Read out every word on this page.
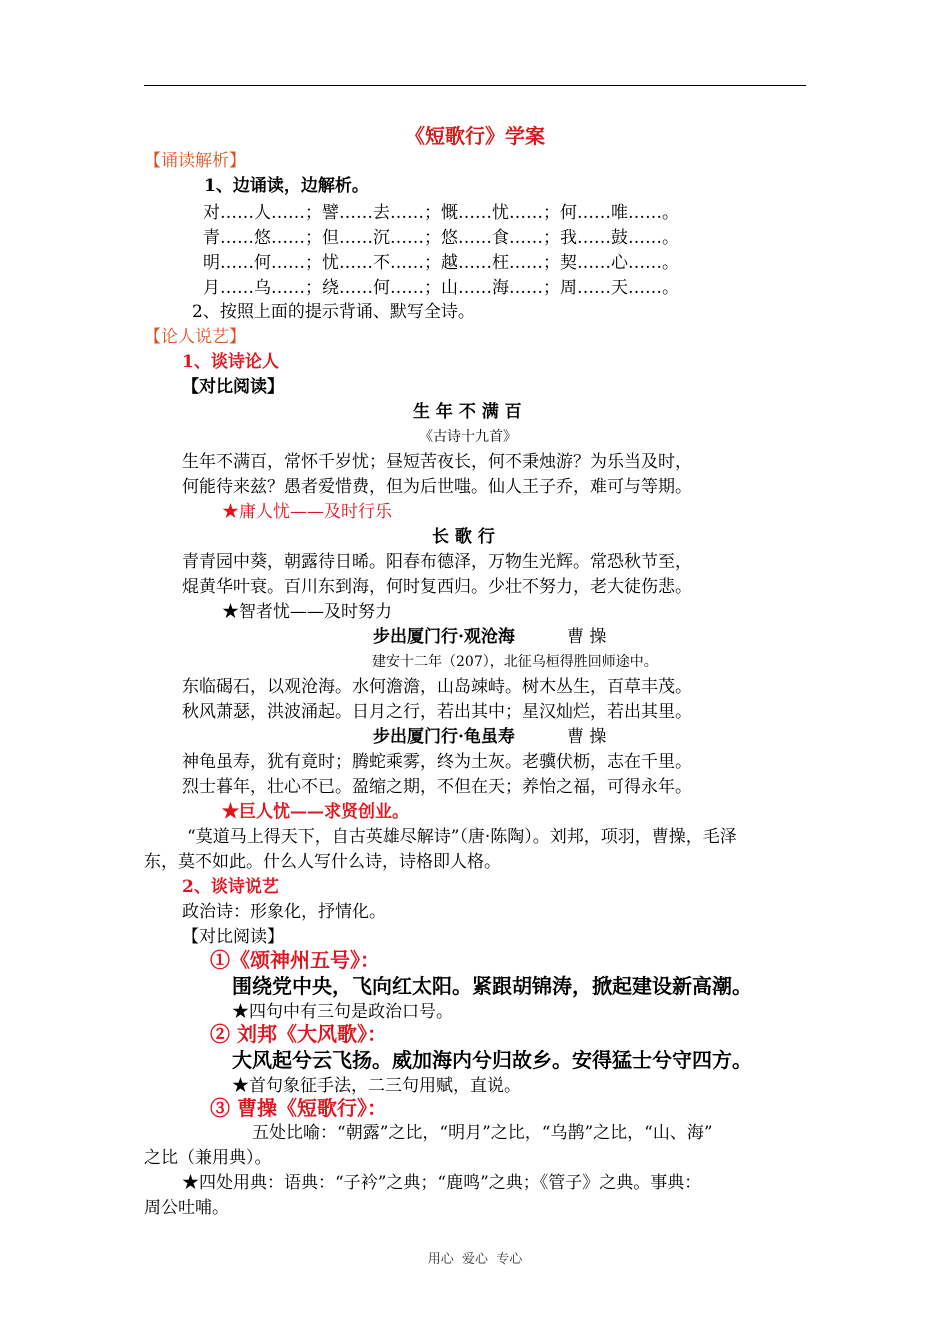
《短歌行》学案
【诵读解析】
1、边诵读，边解析。
对……人……；譬……去……；慨……忧……；何……唯……。
青……悠……；但……沉……；悠……食……；我……鼓……。
明……何……；忧……不……；越……枉……；契……心……。
月……乌……；绕……何……；山……海……；周……天……。
2、按照上面的提示背诵、默写全诗。
【论人说艺】
1、谈诗论人
【对比阅读】
生 年 不 满 百
《古诗十九首》
生年不满百，常怀千岁忧；昼短苦夜长，何不秉烛游？为乐当及时，
何能待来兹？愚者爱惜费，但为后世嗤。仙人王子乔，难可与等期。
★庸人忧——及时行乐
长 歌 行
青青园中葵，朝露待日晞。阳春布德泽，万物生光辉。常恐秋节至，
焜黄华叶衰。百川东到海，何时复西归。少壮不努力，老大徒伤悲。
★智者忧——及时努力
步出厦门行·观沧海	曹 操
建安十二年（207），北征乌桓得胜回师途中。
东临碣石，以观沧海。水何澹澹，山岛竦峙。树木丛生，百草丰茂。
秋风萧瑟，洪波涌起。日月之行，若出其中；星汉灿烂，若出其里。
步出厦门行·龟虽寿	曹 操
神龟虽寿，犹有竟时；腾蛇乘雾，终为土灰。老骥伏枥，志在千里。
烈士暮年，壮心不已。盈缩之期，不但在天；养怡之福，可得永年。
★巨人忧——求贤创业。
“莫道马上得天下，自古英雄尽解诗”（唐·陈陶）。刘邦，项羽，曹操，毛泽
东，莫不如此。什么人写什么诗，诗格即人格。
2、谈诗说艺
政治诗：形象化，抒情化。
【对比阅读】
①《颂神州五号》：
围绕党中央，飞向红太阳。紧跟胡锦涛，掀起建设新高潮。
★四句中有三句是政治口号。
② 刘邦《大风歌》：
大风起兮云飞扬。威加海内兮归故乡。安得猛士兮守四方。
★首句象征手法，二三句用赋，直说。
③ 曹操《短歌行》：
五处比喻：“朝露”之比，“明月”之比，“乌鹊”之比，“山、海”
之比（兼用典）。
★四处用典：语典：“子衿”之典；“鹿鸣”之典；《管子》之典。事典：
周公吐哺。
用心  爱心  专心
